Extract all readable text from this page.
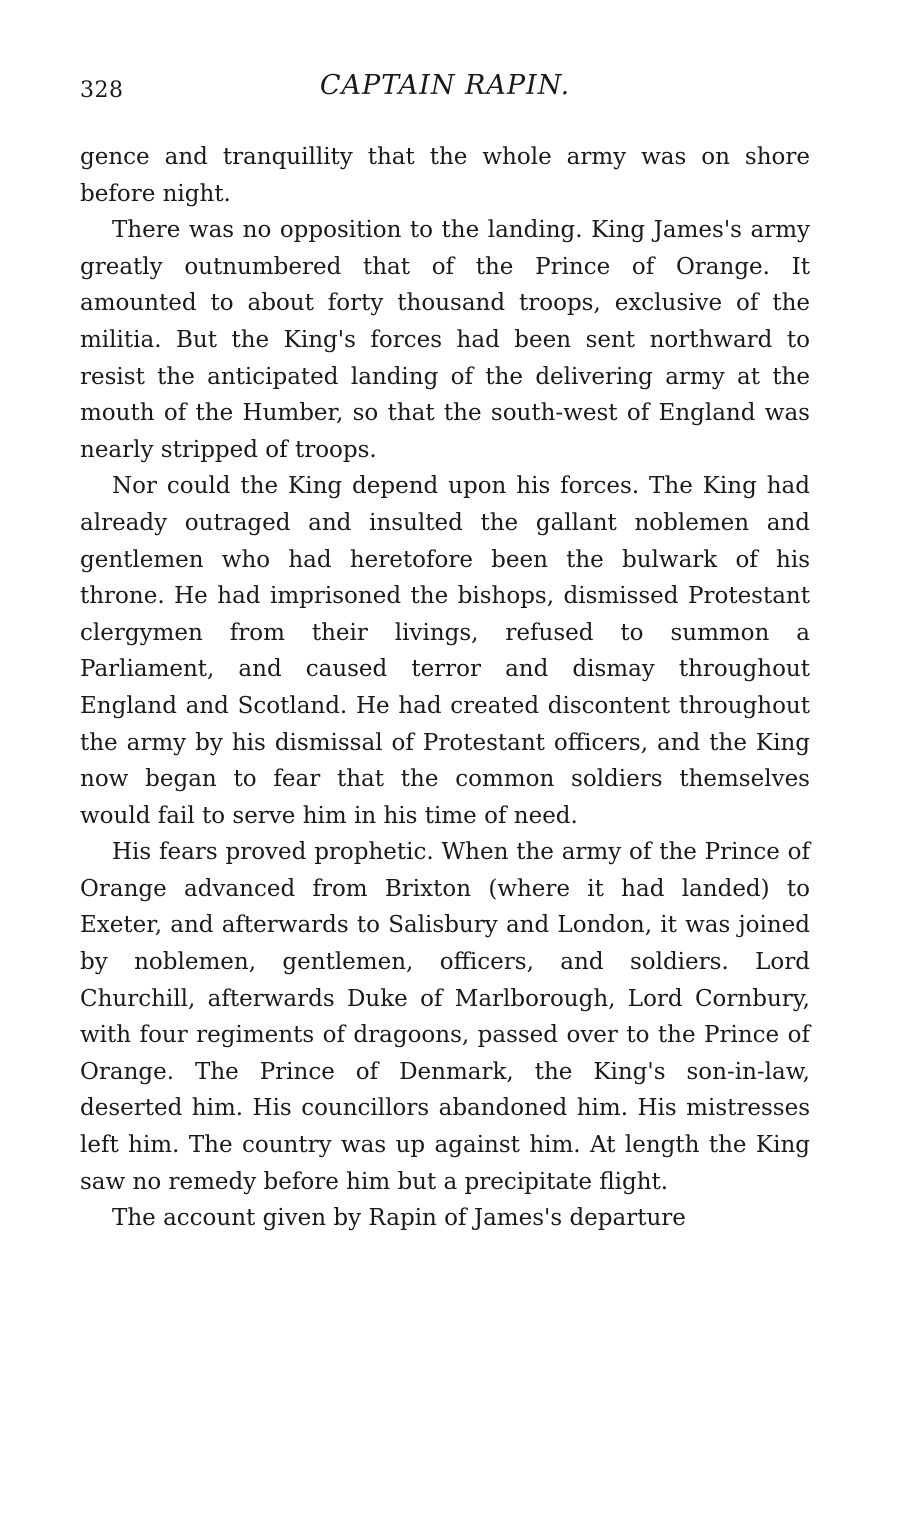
328	CAPTAIN RAPIN.

gence and tranquillity that the whole army was on shore before night.

There was no opposition to the landing. King James's army greatly outnumbered that of the Prince of Orange. It amounted to about forty thousand troops, exclusive of the militia. But the King's forces had been sent northward to resist the anticipated landing of the delivering army at the mouth of the Humber, so that the south-west of England was nearly stripped of troops.

Nor could the King depend upon his forces. The King had already outraged and insulted the gallant noblemen and gentlemen who had heretofore been the bulwark of his throne. He had imprisoned the bishops, dismissed Protestant clergymen from their livings, refused to summon a Parliament, and caused terror and dismay throughout England and Scotland. He had created discontent throughout the army by his dismissal of Protestant officers, and the King now began to fear that the common soldiers themselves would fail to serve him in his time of need.

His fears proved prophetic. When the army of the Prince of Orange advanced from Brixton (where it had landed) to Exeter, and afterwards to Salisbury and London, it was joined by noblemen, gentlemen, officers, and soldiers. Lord Churchill, afterwards Duke of Marlborough, Lord Cornbury, with four regiments of dragoons, passed over to the Prince of Orange. The Prince of Denmark, the King's son-in-law, deserted him. His councillors abandoned him. His mistresses left him. The country was up against him. At length the King saw no remedy before him but a precipitate flight.

The account given by Rapin of James's departure
